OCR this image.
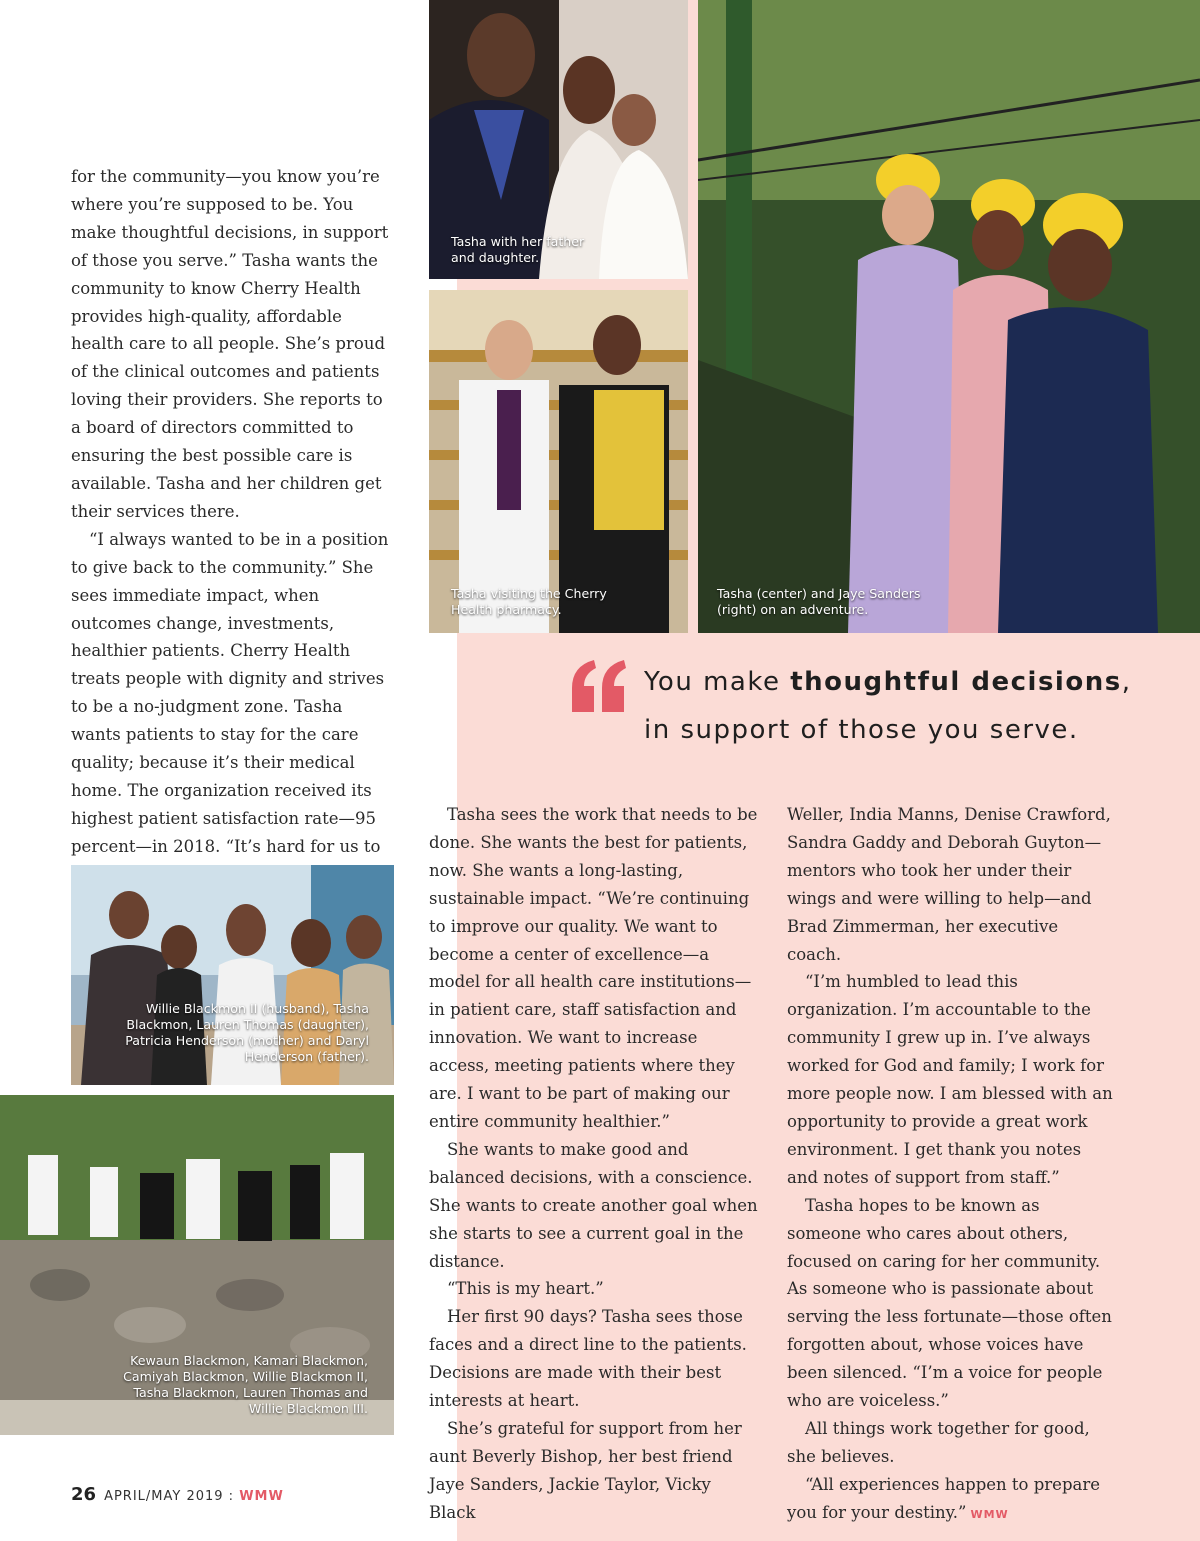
Tasha with her father and daughter.

Tasha visiting the Cherry Health pharmacy.

Tasha (center) and Jaye Sanders (right) on an adventure.

for the community—you know you’re where you’re supposed to be. You make thoughtful decisions, in support of those you serve.” Tasha wants the community to know Cherry Health provides high-quality, affordable health care to all people. She’s proud of the clinical outcomes and patients loving their providers. She reports to a board of directors committed to ensuring the best possible care is available. Tasha and her children get their services there.

“I always wanted to be in a position to give back to the community.” She sees immediate impact, when outcomes change, investments, healthier patients. Cherry Health treats people with dignity and strives to be a no-judgment zone. Tasha wants patients to stay for the care quality; because it’s their medical home. The organization received its highest patient satisfaction rate—95 percent—in 2018. “It’s hard for us to

Willie Blackmon II (husband), Tasha Blackmon, Lauren Thomas (daughter), Patricia Henderson (mother) and Daryl Henderson (father).

Kewaun Blackmon, Kamari Blackmon, Camiyah Blackmon, Willie Blackmon II, Tasha Blackmon, Lauren Thomas and Willie Blackmon III.

You make thoughtful decisions, in support of those you serve.

Tasha sees the work that needs to be done. She wants the best for patients, now. She wants a long-lasting, sustainable impact. “We’re continuing to improve our quality. We want to become a center of excellence—a model for all health care institutions—in patient care, staff satisfaction and innovation. We want to increase access, meeting patients where they are. I want to be part of making our entire community healthier.”

She wants to make good and balanced decisions, with a conscience. She wants to create another goal when she starts to see a current goal in the distance.

“This is my heart.”

Her first 90 days? Tasha sees those faces and a direct line to the patients. Decisions are made with their best interests at heart.

She’s grateful for support from her aunt Beverly Bishop, her best friend Jaye Sanders, Jackie Taylor, Vicky Black

Weller, India Manns, Denise Crawford, Sandra Gaddy and Deborah Guyton—mentors who took her under their wings and were willing to help—and Brad Zimmerman, her executive coach.

“I’m humbled to lead this organization. I’m accountable to the community I grew up in. I’ve always worked for God and family; I work for more people now. I am blessed with an opportunity to provide a great work environment. I get thank you notes and notes of support from staff.”

Tasha hopes to be known as someone who cares about others, focused on caring for her community. As someone who is passionate about serving the less fortunate—those often forgotten about, whose voices have been silenced. “I’m a voice for people who are voiceless.”

All things work together for good, she believes.

“All experiences happen to prepare you for your destiny.” WMW

26 APRIL/MAY 2019 : WMW
